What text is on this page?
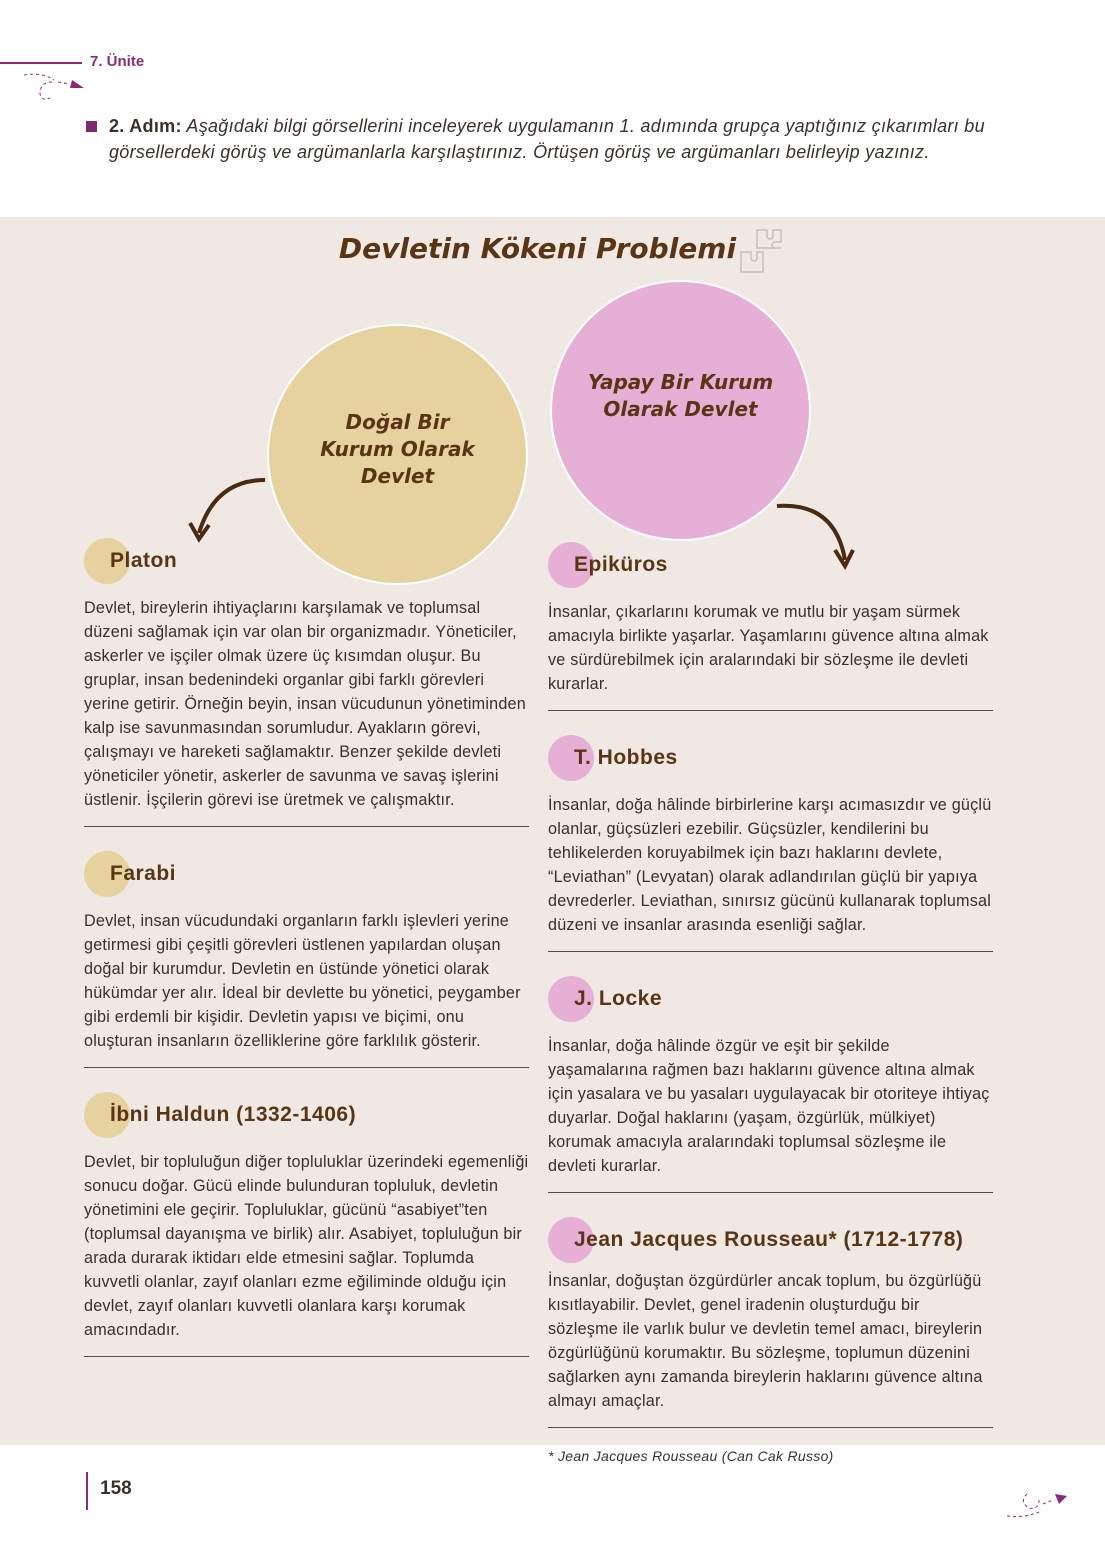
7. Ünite
2. Adım: Aşağıdaki bilgi görsellerini inceleyerek uygulamanın 1. adımında grupça yaptığınız çıkarımları bu görsellerdeki görüş ve argümanlarla karşılaştırınız. Örtüşen görüş ve argümanları belirleyip yazınız.
Devletin Kökeni Problemi
Doğal Bir Kurum Olarak Devlet
Yapay Bir Kurum Olarak Devlet
Platon

Devlet, bireylerin ihtiyaçlarını karşılamak ve toplumsal düzeni sağlamak için var olan bir organizmadır. Yöneticiler, askerler ve işçiler olmak üzere üç kısımdan oluşur. Bu gruplar, insan bedenindeki organlar gibi farklı görevleri yerine getirir. Örneğin beyin, insan vücudunun yönetiminden kalp ise savunmasından sorumludur. Ayakların görevi, çalışmayı ve hareketi sağlamaktır. Benzer şekilde devleti yöneticiler yönetir, askerler de savunma ve savaş işlerini üstlenir. İşçilerin görevi ise üretmek ve çalışmaktır.

Farabi

Devlet, insan vücudundaki organların farklı işlevleri yerine getirmesi gibi çeşitli görevleri üstlenen yapılardan oluşan doğal bir kurumdur. Devletin en üstünde yönetici olarak hükümdar yer alır. İdeal bir devlette bu yönetici, peygamber gibi erdemli bir kişidir. Devletin yapısı ve biçimi, onu oluşturan insanların özelliklerine göre farklılık gösterir.

İbni Haldun (1332-1406)

Devlet, bir topluluğun diğer topluluklar üzerindeki egemenliği sonucu doğar. Gücü elinde bulunduran topluluk, devletin yönetimini ele geçirir. Topluluklar, gücünü “asabiyet”ten (toplumsal dayanışma ve birlik) alır. Asabiyet, topluluğun bir arada durarak iktidarı elde etmesini sağlar. Toplumda kuvvetli olanlar, zayıf olanları ezme eğiliminde olduğu için devlet, zayıf olanları kuvvetli olanlara karşı korumak amacındadır.

Epiküros

İnsanlar, çıkarlarını korumak ve mutlu bir yaşam sürmek amacıyla birlikte yaşarlar. Yaşamlarını güvence altına almak ve sürdürebilmek için aralarındaki bir sözleşme ile devleti kurarlar.

T. Hobbes

İnsanlar, doğa hâlinde birbirlerine karşı acımasızdır ve güçlü olanlar, güçsüzleri ezebilir. Güçsüzler, kendilerini bu tehlikelerden koruyabilmek için bazı haklarını devlete, “Leviathan” (Levyatan) olarak adlandırılan güçlü bir yapıya devrederler. Leviathan, sınırsız gücünü kullanarak toplumsal düzeni ve insanlar arasında esenliği sağlar.

J. Locke

İnsanlar, doğa hâlinde özgür ve eşit bir şekilde yaşamalarına rağmen bazı haklarını güvence altına almak için yasalara ve bu yasaları uygulayacak bir otoriteye ihtiyaç duyarlar. Doğal haklarını (yaşam, özgürlük, mülkiyet) korumak amacıyla aralarındaki toplumsal sözleşme ile devleti kurarlar.

Jean Jacques Rousseau* (1712-1778)

İnsanlar, doğuştan özgürdürler ancak toplum, bu özgürlüğü kısıtlayabilir. Devlet, genel iradenin oluşturduğu bir sözleşme ile varlık bulur ve devletin temel amacı, bireylerin özgürlüğünü korumaktır. Bu sözleşme, toplumun düzenini sağlarken aynı zamanda bireylerin haklarını güvence altına almayı amaçlar.

* Jean Jacques Rousseau (Can Cak Russo)
158
